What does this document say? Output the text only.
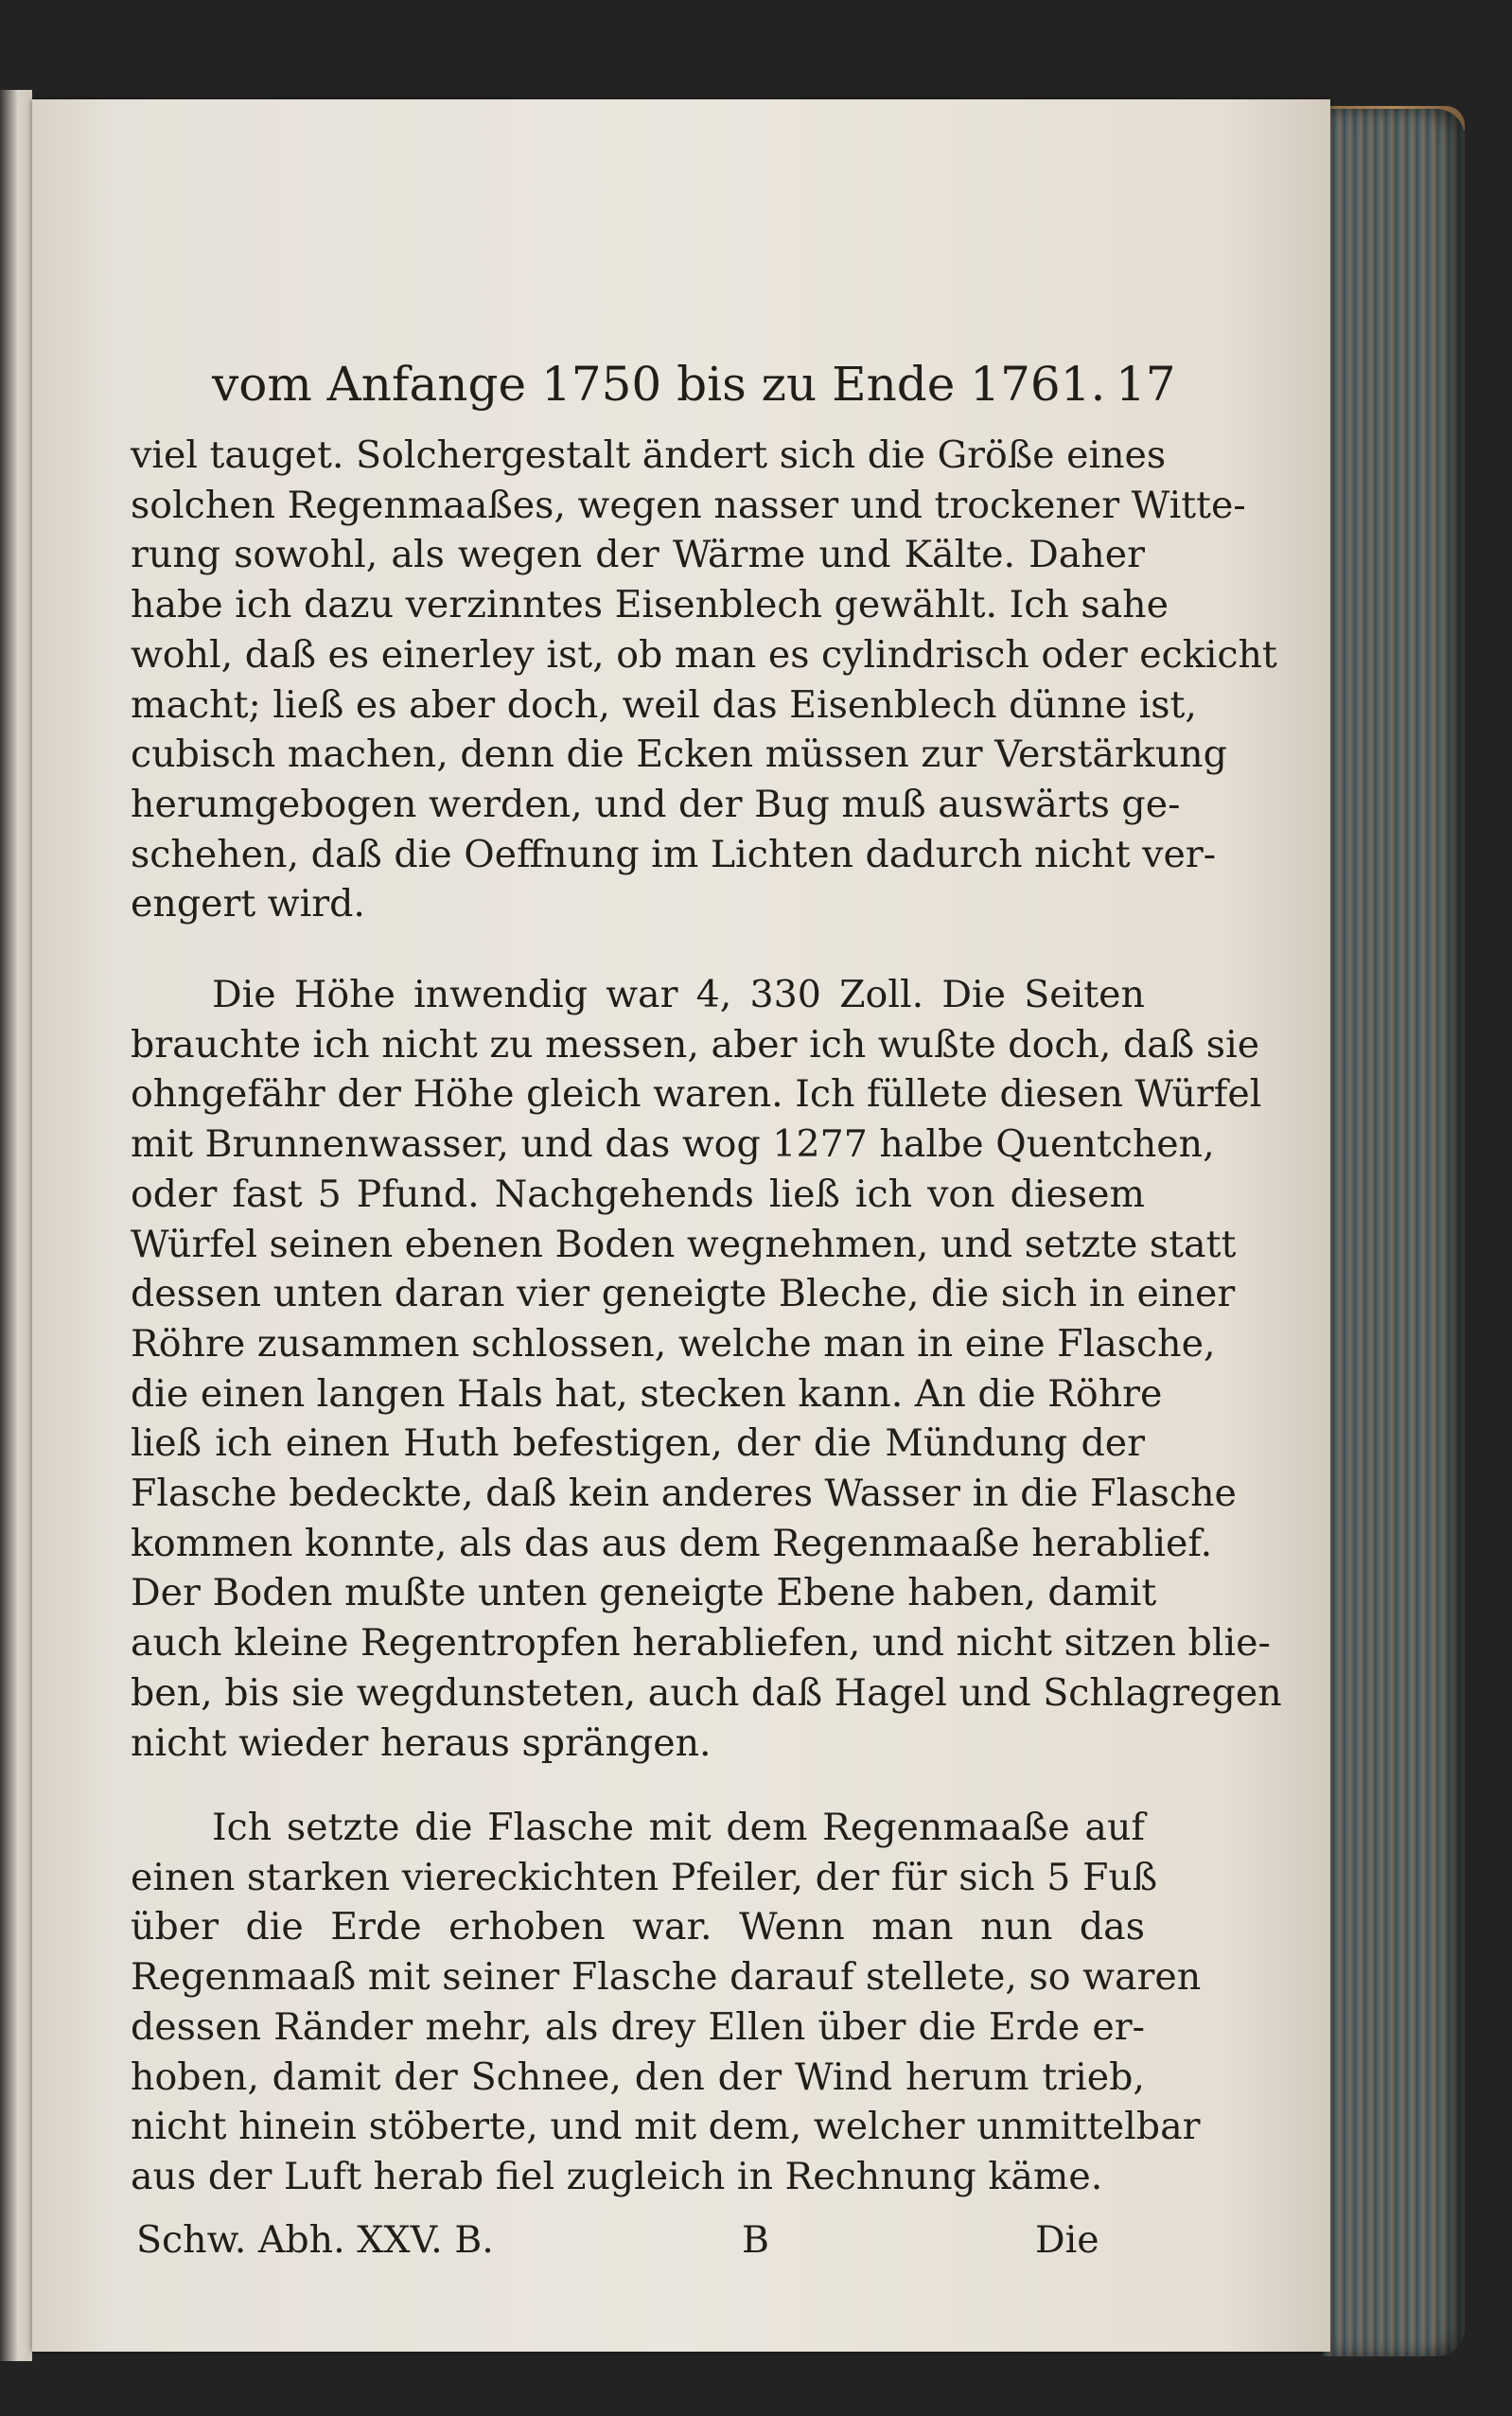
vom Anfange 1750 bis zu Ende 1761. 17
viel tauget. Solchergestalt ändert sich die Größe eines
solchen Regenmaaßes, wegen nasser und trockener Witte-
rung sowohl, als wegen der Wärme und Kälte. Daher
habe ich dazu verzinntes Eisenblech gewählt. Ich sahe
wohl, daß es einerley ist, ob man es cylindrisch oder eckicht
macht; ließ es aber doch, weil das Eisenblech dünne ist,
cubisch machen, denn die Ecken müssen zur Verstärkung
herumgebogen werden, und der Bug muß auswärts ge-
schehen, daß die Oeffnung im Lichten dadurch nicht ver-
engert wird.
Die Höhe inwendig war 4, 330 Zoll. Die Seiten
brauchte ich nicht zu messen, aber ich wußte doch, daß sie
ohngefähr der Höhe gleich waren. Ich füllete diesen Würfel
mit Brunnenwasser, und das wog 1277 halbe Quentchen,
oder fast 5 Pfund. Nachgehends ließ ich von diesem
Würfel seinen ebenen Boden wegnehmen, und setzte statt
dessen unten daran vier geneigte Bleche, die sich in einer
Röhre zusammen schlossen, welche man in eine Flasche,
die einen langen Hals hat, stecken kann. An die Röhre
ließ ich einen Huth befestigen, der die Mündung der
Flasche bedeckte, daß kein anderes Wasser in die Flasche
kommen konnte, als das aus dem Regenmaaße herablief.
Der Boden mußte unten geneigte Ebene haben, damit
auch kleine Regentropfen herabliefen, und nicht sitzen blie-
ben, bis sie wegdunsteten, auch daß Hagel und Schlagregen
nicht wieder heraus sprängen.
Ich setzte die Flasche mit dem Regenmaaße auf
einen starken viereckichten Pfeiler, der für sich 5 Fuß
über die Erde erhoben war. Wenn man nun das
Regenmaaß mit seiner Flasche darauf stellete, so waren
dessen Ränder mehr, als drey Ellen über die Erde er-
hoben, damit der Schnee, den der Wind herum trieb,
nicht hinein stöberte, und mit dem, welcher unmittelbar
aus der Luft herab fiel zugleich in Rechnung käme.
Schw. Abh. XXV. B.	B	Die
